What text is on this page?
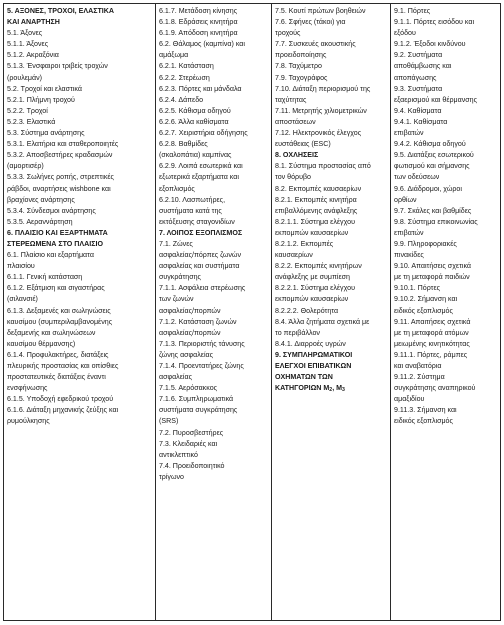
5. ΑΞΟΝΕΣ, ΤΡΟΧΟΙ, ΕΛΑΣΤΙΚΑ
ΚΑΙ ΑΝΑΡΤΗΣΗ
5.1. Άξονες
5.1.1. Άξονες
5.1.2. Ακραξόνια
5.1.3. Ένσφαιροι τριβείς τροχών
(ρουλεμάν)
5.2. Τροχοί και ελαστικά
5.2.1. Πλήμνη τροχού
5.2.2. Τροχοί
5.2.3. Ελαστικά
5.3. Σύστημα ανάρτησης
5.3.1. Ελατήρια και σταθεροποιητές
5.3.2. Αποσβεστήρες κραδασμών
(αμορτισέρ)
5.3.3. Σωλήνες ροπής, στρεπτικές
ράβδοι, αναρτήσεις wishbone και
βραχίονες ανάρτησης
5.3.4. Σύνδεσμοι ανάρτησης
5.3.5. Αεραννάρτηση
6. ΠΛΑΙΣΙΟ ΚΑΙ ΕΞΑΡΤΗΜΑΤΑ
ΣΤΕΡΕΩΜΕΝΑ ΣΤΟ ΠΛΑΙΣΙΟ
6.1. Πλαίσιο και εξαρτήματα
πλαισίου
6.1.1. Γενική κατάσταση
6.1.2. Εξάτμιση και σιγαστήρας
(σιλανσιέ)
6.1.3. Δεξαμενές και σωληνώσεις
καυσίμου (συμπεριλαμβανομένης
δεξαμενής και σωληνώσεων
καυσίμου θέρμανσης)
6.1.4. Προφυλακτήρες, διατάξεις
πλευρικής προστασίας και οπίσθιες
προστατευτικές διατάξεις έναντι
ενσφήνωσης
6.1.5. Υποδοχή εφεδρικού τροχού
6.1.6. Διάταξη μηχανικής ζεύξης και
ρυμούλκησης
6.1.7. Μετάδοση κίνησης
6.1.8. Εδράσεις κινητήρα
6.1.9. Απόδοση κινητήρα
6.2. Θάλαμος (καμπίνα) και
αμάξωμα
6.2.1. Κατάσταση
6.2.2. Στερέωση
6.2.3. Πόρτες και μάνδαλα
6.2.4. Δάπεδο
6.2.5. Κάθισμα οδηγού
6.2.6. Άλλα καθίσματα
6.2.7. Χειριστήρια οδήγησης
6.2.8. Βαθμίδες
(σκαλοπάτια) καμπίνας
6.2.9. Λοιπά εσωτερικά και
εξωτερικά εξαρτήματα και
εξοπλισμός
6.2.10. Λασπωτήρες,
συστήματα κατά της
εκτόξευσης σταγονιδίων
7. ΛΟΙΠΟΣ ΕΞΟΠΛΙΣΜΟΣ
7.1. Ζώνες
ασφαλείας/πόρπες ζωνών
ασφαλείας και συστήματα
συγκράτησης
7.1.1. Ασφάλεια στερέωσης
των ζωνών
ασφαλείας/πορπών
7.1.2. Κατάσταση ζωνών
ασφαλείας/πορπών
7.1.3. Περιοριστής τάνυσης
ζώνης ασφαλείας
7.1.4. Προεντατήρες ζώνης
ασφαλείας
7.1.5. Αερόσακκος
7.1.6. Συμπληρωματικά
συστήματα συγκράτησης
(SRS)
7.2. Πυροσβεστήρες
7.3. Κλειδαριές και
αντικλεπτικό
7.4. Προειδοποιητικό
τρίγωνο
7.5. Κουτί πρώτων βοηθειών
7.6. Σφήνες (τάκοι) για
τροχούς
7.7. Συσκευές ακουστικής
προειδοποίησης
7.8. Ταχύμετρο
7.9. Ταχογράφος
7.10. Διάταξη περιορισμού της
ταχύτητας
7.11. Μετρητής χιλιομετρικών
αποστάσεων
7.12. Ηλεκτρονικός έλεγχος
ευστάθειας (ESC)
8. ΟΧΛΗΣΕΙΣ
8.1. Σύστημα προστασίας από
τον θόρυβο
8.2. Εκπομπές καυσαερίων
8.2.1. Εκπομπές κινητήρα
επιβαλλόμενης ανάφλεξης
8.2.1.1. Σύστημα ελέγχου
εκπομπών καυσαερίων
8.2.1.2. Εκπομπές
καυσαερίων
8.2.2. Εκπομπές κινητήρων
ανάφλεξης με συμπίεση
8.2.2.1. Σύστημα ελέγχου
εκπομπών καυσαερίων
8.2.2.2. Θολερότητα
8.4. Άλλα ζητήματα σχετικά με
το περιβάλλον
8.4.1. Διαρροές υγρών
9. ΣΥΜΠΛΗΡΩΜΑΤΙΚΟΙ
ΕΛΕΓΧΟΙ ΕΠΙΒΑΤΙΚΩΝ
ΟΧΗΜΑΤΩΝ ΤΩΝ
ΚΑΤΗΓΟΡΙΩΝ $M_2$, $M_3$
9.1. Πόρτες
9.1.1. Πόρτες εισόδου και
εξόδου
9.1.2. Έξοδοι κινδύνου
9.2. Συστήματα
αποθάμβωσης και
αποπάγωσης
9.3. Συστήματα
εξαερισμού και θέρμανσης
9.4. Καθίσματα
9.4.1. Καθίσματα
επιβατών
9.4.2. Κάθισμα οδηγού
9.5. Διατάξεις εσωτερικού
φωτισμού και σήμανσης
των οδεύσεων
9.6. Διάδρομοι, χώροι
ορθίων
9.7. Σκάλες και βαθμίδες
9.8. Σύστημα επικοινωνίας
επιβατών
9.9. Πληροφοριακές
πινακίδες
9.10. Απαιτήσεις σχετικά
με τη μεταφορά παιδιών
9.10.1. Πόρτες
9.10.2. Σήμανση και
ειδικός εξοπλισμός
9.11. Απαιτήσεις σχετικά
με τη μεταφορά ατόμων
μειωμένης κινητικότητας
9.11.1. Πόρτες, ράμπες
και αναβατόρια
9.11.2. Σύστημα
συγκράτησης αναπηρικού
αμαξιδίου
9.11.3. Σήμανση και
ειδικός εξοπλισμός
